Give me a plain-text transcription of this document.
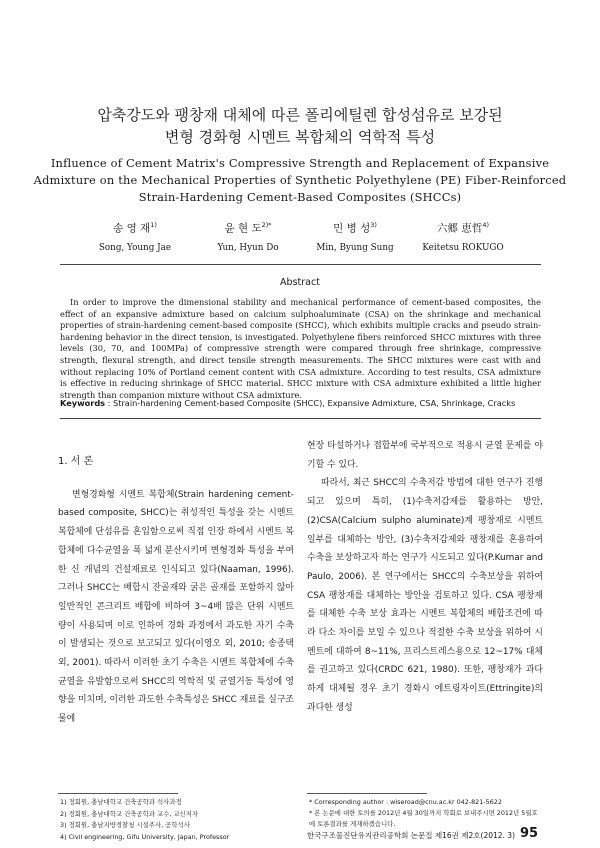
압축강도와 팽창재 대체에 따른 폴리에틸렌 합성섬유로 보강된
변형 경화형 시멘트 복합체의 역학적 특성
Influence of Cement Matrix's Compressive Strength and Replacement of Expansive
Admixture on the Mechanical Properties of Synthetic Polyethylene (PE) Fiber-Reinforced
Strain-Hardening Cement-Based Composites (SHCCs)
송 영 재$^{1)}$
Song, Young Jae
윤 현 도$^{2)*}$
Yun, Hyun Do
민 병 성$^{3)}$
Min, Byung Sung
六郷 恵哲$^{4)}$
Keitetsu ROKUGO
Abstract
In order to improve the dimensional stability and mechanical performance of cement-based composites, the effect of an expansive admixture based on calcium sulphoaluminate (CSA) on the shrinkage and mechanical properties of strain-hardening cement-based composite (SHCC), which exhibits multiple cracks and pseudo strain-hardening behavior in the direct tension, is investigated. Polyethylene fibers reinforced SHCC mixtures with three levels (30, 70, and 100MPa) of compressive strength were compared through free shrinkage, compressive strength, flexural strength, and direct tensile strength measurements. The SHCC mixtures were cast with and without replacing 10% of Portland cement content with CSA admixture. According to test results, CSA admixture is effective in reducing shrinkage of SHCC material. SHCC mixture with CSA admixture exhibited a little higher strength than companion mixture without CSA admixture.
Keywords : Strain-hardening Cement-based Composite (SHCC), Expansive Admixture, CSA, Shrinkage, Cracks
1. 서 론

변형경화형 시멘트 복합체(Strain hardening cement-based composite, SHCC)는 취성적인 특성을 갖는 시멘트 복합체에 단섬유를 혼입함으로써 직접 인장 하에서 시멘트 복합체에 다수균열을 폭 넓게 분산시키며 변형경화 특성을 부여한 신 개념의 건설재료로 인식되고 있다(Naaman, 1996). 그러나 SHCC는 배합시 잔골재와 굵은 골재를 포함하지 않아 일반적인 콘크리트 배합에 비하여 3~4배 많은 단위 시멘트 량이 사용되며 이로 인하여 경화 과정에서 과도한 자기 수축이 발생되는 것으로 보고되고 있다(이영오 외, 2010; 송종택 외, 2001). 따라서 이러한 초기 수축은 시멘트 복합체에 수축 균열을 유발함으로써 SHCC의 역학적 및 균열거동 특성에 영향을 미치며, 이러한 과도한 수축특성은 SHCC 재료를 실구조물에

현장 타설하거나 접합부에 국부적으로 적용시 균열 문제를 야기할 수 있다.

따라서, 최근 SHCC의 수축저감 방법에 대한 연구가 진행되고 있으며 특히, (1)수축저감제를 활용하는 방안, (2)CSA(Calcium sulpho aluminate)계 팽창재로 시멘트 일부를 대체하는 방안, (3)수축저감제와 팽창재를 혼용하여 수축을 보상하고자 하는 연구가 시도되고 있다(P.Kumar and Paulo, 2006). 본 연구에서는 SHCC의 수축보상을 위하여 CSA 팽창재를 대체하는 방안을 검토하고 있다. CSA 팽창재를 대체한 수축 보상 효과는 시멘트 복합체의 배합조건에 따라 다소 차이를 보일 수 있으나 적절한 수축 보상을 위하여 시멘트에 대하여 8~11%, 프리스트레스용으로 12~17% 대체를 권고하고 있다(CRDC 621, 1980). 또한, 팽창재가 과다하게 대체될 경우 초기 경화시 에트링자이트(Ettringite)의 과다한 생성

1) 정회원, 충남대학교 건축공학과 석사과정
2) 정회원, 충남대학교 건축공학과 교수, 교신저자
3) 정회원, 충남지방경찰청 시설주사, 공학석사
4) Civil engineering, Gifu University, Japan, Professor
* Corresponding author : wiseroad@cnu.ac.kr 042-821-5622
* 본 논문에 대한 토의를 2012년 4월 30일까지 학회로 보내주시면 2012년 5월호에 토론결과를 게재하겠습니다.
한국구조물진단유지관리공학회 논문집 제16권 제2호(2012. 3) 95
